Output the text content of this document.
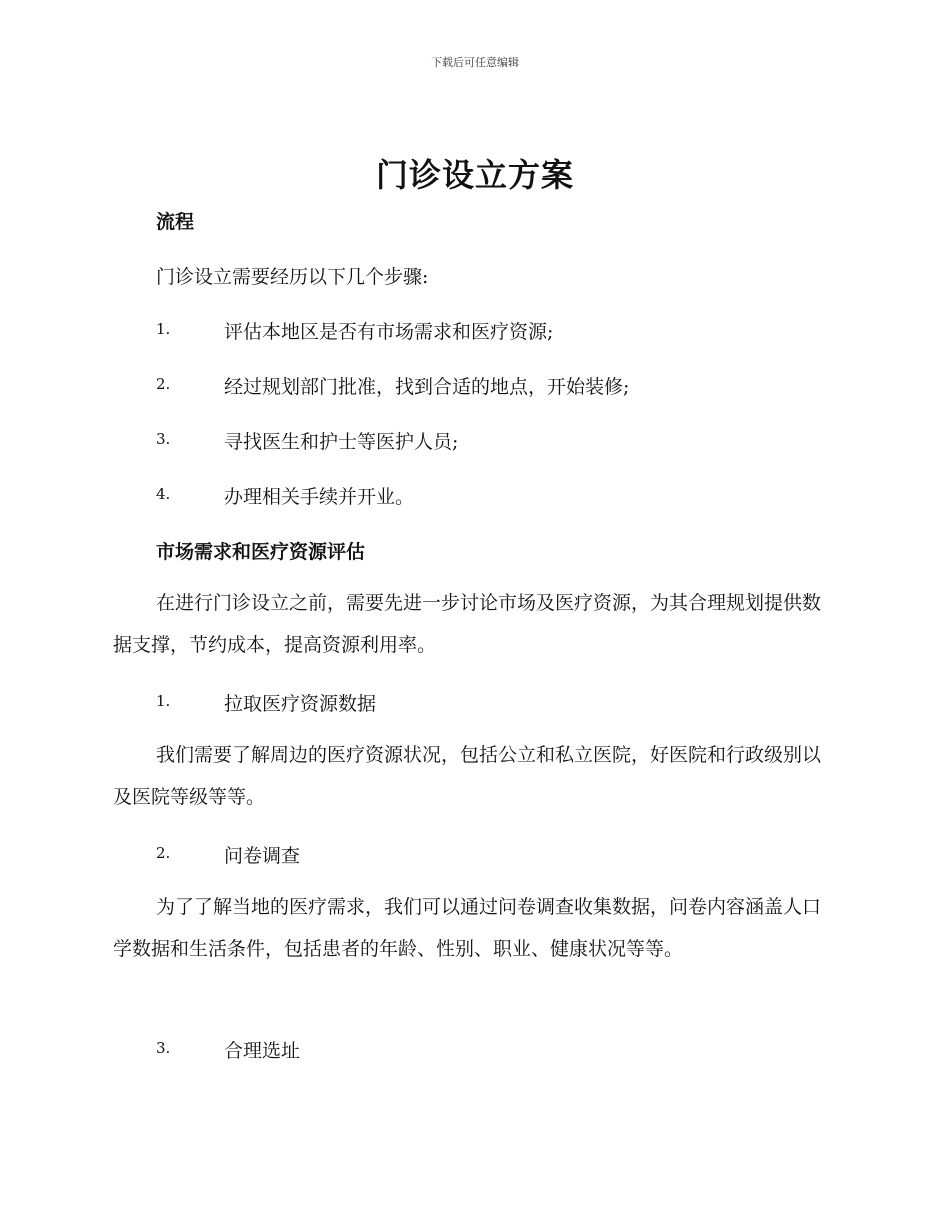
下载后可任意编辑
门诊设立方案
流程
门诊设立需要经历以下几个步骤:
1.	评估本地区是否有市场需求和医疗资源;
2.	经过规划部门批准，找到合适的地点，开始装修;
3.	寻找医生和护士等医护人员;
4.	办理相关手续并开业。
市场需求和医疗资源评估
在进行门诊设立之前，需要先进一步讨论市场及医疗资源，为其合理规划提供数据支撑，节约成本，提高资源利用率。
1.	拉取医疗资源数据
我们需要了解周边的医疗资源状况，包括公立和私立医院，好医院和行政级别以及医院等级等等。
2.	问卷调查
为了了解当地的医疗需求，我们可以通过问卷调查收集数据，问卷内容涵盖人口学数据和生活条件，包括患者的年龄、性别、职业、健康状况等等。
3.	合理选址
